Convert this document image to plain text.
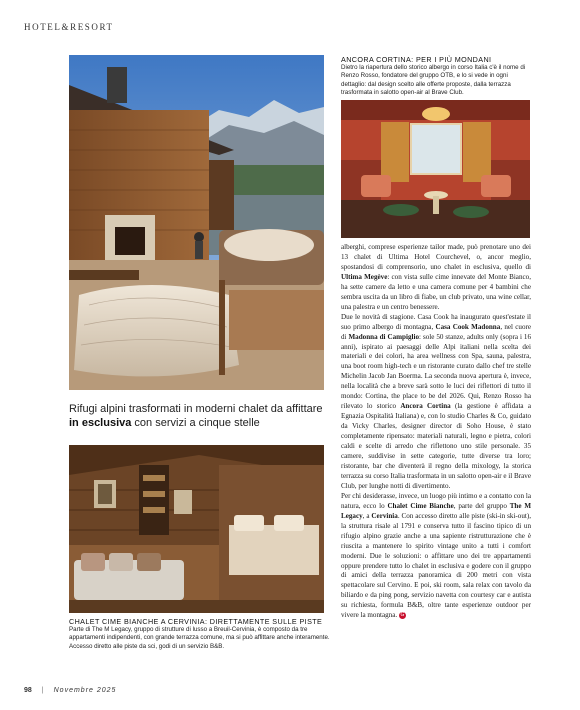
HOTEL&RESORT
ANCORA CORTINA: PER I PIÙ MONDANI
Dietro la riapertura dello storico albergo in corso Italia c'è il nome di Renzo Rosso, fondatore del gruppo OTB, e lo si vede in ogni dettaglio: dal design scelto alle offerte proposte, dalla terrazza trasformata in salotto open-air al Brave Club.
Rifugi alpini trasformati in moderni chalet da affittare in esclusiva con servizi a cinque stelle
CHALET CIME BIANCHE A CERVINIA: DIRETTAMENTE SULLE PISTE
Parte di The M Legacy, gruppo di strutture di lusso a Breuil-Cervinia, è composto da tre appartamenti indipendenti, con grande terrazza comune, ma si può affittare anche interamente. Accesso diretto alle piste da sci, godi di un servizio B&B.

alberghi, comprese esperienze tailor made, può prenotare uno dei 13 chalet di Ultima Hotel Courchevel, o, ancor meglio, spostandosi di comprensorio, uno chalet in esclusiva, quello di Ultima Megève: con vista sulle cime innevate del Monte Bianco, ha sette camere da letto e una camera comune per 4 bambini che sembra uscita da un libro di fiabe, un club privato, una wine cellar, una palestra e un centro benessere.

Due le novità di stagione. Casa Cook ha inaugurato quest'estate il suo primo albergo di montagna, Casa Cook Madonna, nel cuore di Madonna di Campiglio: sole 50 stanze, adults only (sopra i 16 anni), ispirato ai paesaggi delle Alpi italiani nella scelta dei materiali e dei colori, ha area wellness con Spa, sauna, palestra, una boot room high-tech e un ristorante curato dallo chef tre stelle Michelin Jacob Jan Boerma. La seconda nuova apertura è, invece, nella località che a breve sarà sotto le luci dei riflettori di tutto il mondo: Cortina, the place to be del 2026. Qui, Renzo Rosso ha rilevato lo storico Ancora Cortina (la gestione è affidata a Egnazia Ospitalità Italiana) e, con lo studio Charles & Co, guidato da Vicky Charles, designer director di Soho House, è stato completamente ripensato: materiali naturali, legno e pietra, colori caldi e scelte di arredo che riflettono uno stile personale. 35 camere, suddivise in sette categorie, tutte diverse tra loro; ristorante, bar che diventerà il regno della mixology, la storica terrazza su corso Italia trasformata in un salotto open-air e il Brave Club, per lunghe notti di divertimento.

Per chi desiderasse, invece, un luogo più intimo e a contatto con la natura, ecco lo Chalet Cime Bianche, parte del gruppo The M Legacy, a Cervinia. Con accesso diretto alle piste (ski-in ski-out), la struttura risale al 1791 e conserva tutto il fascino tipico di un rifugio alpino grazie anche a una sapiente ristrutturazione che è riuscita a mantenere lo spirito vintage unito a tutti i comfort moderni. Due le soluzioni: o affittare uno dei tre appartamenti oppure prendere tutto lo chalet in esclusiva e godere con il gruppo di amici della terrazza panoramica di 200 metri con vista spettacolare sul Cervino. E poi, ski room, sala relax con tavolo da biliardo e da ping pong, servizio navetta con courtesy car e autista su richiesta, formula B&B, oltre tante esperienze outdoor per vivere la montagna. G

98 | Novembre 2025
